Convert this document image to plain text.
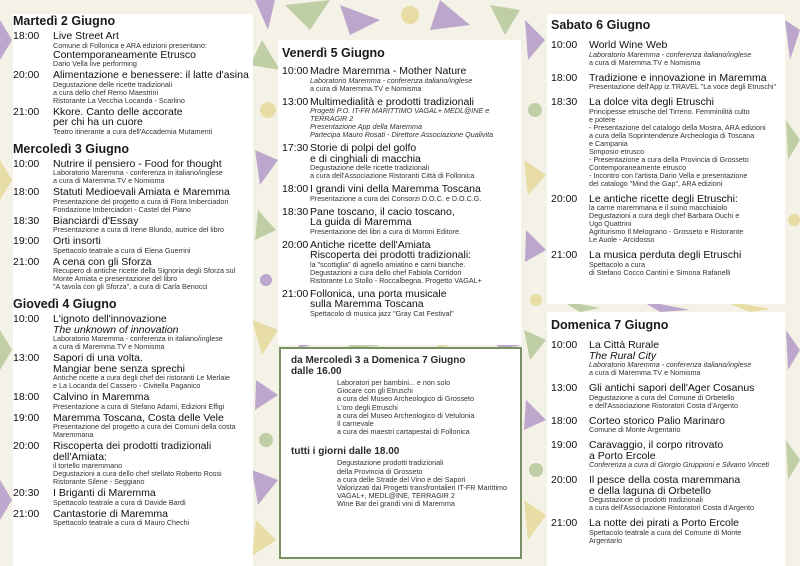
Martedì 2 Giugno
18:00	Live Street Art
Comune di Follonica e ARA edizioni presentano:
Contemporaneamente Etrusco
Dario Vella live performing
20:00	Alimentazione e benessere: il latte d'asina
Degustazione delle ricette tradizionali
a cura dello chef Remo Maestrini
Ristorante La Vecchia Locanda - Scarlino
21:00	Kkore. Canto delle accorate
per chi ha un cuore
Teatro itinerante a cura dell'Accademia Mutamenti
Mercoledì 3 Giugno
10:00	Nutrire il pensiero - Food for thought
Laboratorio Maremma - conferenza in italiano/inglese
a cura di Maremma.TV e Nomisma
18:00	Statuti Medioevali Amiata e Maremma
Presentazione del progetto a cura di Fiora Imberciadori
Fondazione Imberciadori - Castel del Piano
18:30	Bianciardi d'Essay
Presentazione a cura di Irene Blundo, autrice del libro
19:00	Orti insorti
Spettacolo teatrale a cura di Elena Guerrini
21:00	A cena con gli Sforza
Recupero di antiche ricette della Signoria degli Sforza sul
Monte Amiata e presentazione del libro
"A tavola con gli Sforza", a cura di Carla Benocci
Giovedì 4 Giugno
10:00	L'ignoto dell'innovazione
The unknown of innovation
Laboratorio Maremma - conferenza in italiano/inglese
a cura di Maremma.TV e Nomisma
13:00	Sapori di una volta.
Mangiar bene senza sprechi
Antiche ricette a cura degli chef dei ristoranti Le Merlaie
e La Locanda del Cassero - Civitella Paganico
18:00	Calvino in Maremma
Presentazione a cura di Stefano Adami, Edizioni Effigi
19:00	Maremma Toscana, Costa delle Vele
Presentazione del progetto a cura dei Comuni della costa
Maremmana
20:00	Riscoperta dei prodotti tradizionali
dell'Amiata:
il tortello maremmano
Degustazioni a cura dello chef stellato Roberto Rossi
Ristorante Silene - Seggiano
20:30	I Briganti di Maremma
Spettacolo teatrale a cura di Davide Bardi
21:00	Cantastorie di Maremma
Spettacolo teatrale a cura di Mauro Chechi
Venerdì 5 Giugno
10:00 Madre Maremma - Mother Nature
Laboratorio Maremma - conferenza italiano/inglese
a cura di Maremma.TV e Nomisma
13:00 Multimedialità e prodotti tradizionali
Progetti P.O. IT-FR MARITTIMO VAGAL+ MEDL@INE e
TERRAGIR 2
Presentazione App della Maremma
Partecipa Mauro Rosati - Direttore Associazione Qualivita
17:30 Storie di polpi del golfo
e di cinghiali di macchia
Degustazione delle ricette tradizionali
a cura dell'Associazione Ristoranti Città di Follonica
18:00 I grandi vini della Maremma Toscana
Presentazione a cura dei Consorzi D.O.C. e D.O.C.G.
18:30 Pane toscano, il cacio toscano,
La guida di Maremma
Presentazione dei libri a cura di Moroni Editore.
20:00 Antiche ricette dell'Amiata
Riscoperta dei prodotti tradizionali:
la "scottiglia" di agnello amiatino e carni bianche.
Degustazioni a cura dello chef Fabiola Corridori
Ristorante Lo Stollo - Roccalbegna. Progetto VAGAL+
21:00 Follonica, una porta musicale
sulla Maremma Toscana
Spettacolo di musica jazz "Gray Cat Festival"
da Mercoledì 3 a Domenica 7 Giugno
dalle 16.00
Laboratori per bambini... e non solo
Giocare con gli Etruschi
a cura del Museo Archeologico di Grosseto
L'oro degli Etruschi
a cura del Museo Archeologico di Vetulonia
Il carnevale
a cura dei maestri cartapestai di Follonica
tutti i giorni dalle 18.00
Degustazione prodotti tradizionali
della Provincia di Grosseto
a cura delle Strade del Vino e dei Sapori
Valorizzati dai Progetti transfrontalieri IT-FR Marittimo
VAGAL+, MEDL@INE, TERRAGIR 2
Wine Bar dei grandi vini di Maremma
Sabato 6 Giugno
10:00	World Wine Web
Laboratorio Maremma - conferenza italiano/inglese
a cura di Maremma.TV e Nomisma
18:00	Tradizione e innovazione in Maremma
Presentazione dell'App iz.TRAVEL "La voce degli Etruschi"
18:30	La dolce vita degli Etruschi
Principesse etrusche del Tirreno. Femminilità culto
e potere
- Presentazione del catalogo della Mostra, ARA edizioni
a cura della Soprintendenze Archeologia di Toscana
e Campania
Simposio etrusco
- Presentazione a cura della Provincia di Grosseto
Contemporaneamente etrusco
- Incontro con l'artista Dario Vella e presentazione
del catalogo "Mind the Gap", ARA edizioni
20:00	Le antiche ricette degli Etruschi:
la carne maremmana e il suino macchiaiolo
Degustazioni a cura degli chef Barbara Duchi e
Ugo Quattrini
Agriturismo Il Melograno - Grosseto e Ristorante
Le Auole - Arcidosso
21:00	La musica perduta degli Etruschi
Spettacolo a cura
di Stefano Cocco Cantini e Simona Rafanelli
Domenica 7 Giugno
10:00	La Città Rurale
The Rural City
Laboratorio Maremma - conferenza italiano/inglese
a cura di Maremma.TV e Nomisma
13:00	Gli antichi sapori dell'Ager Cosanus
Degustazione a cura del Comune di Orbetello
e dell'Associazione Ristoratori Costa d'Argento
18:00	Corteo storico Palio Marinaro
Comune di Monte Argentario
19:00	Caravaggio, il corpo ritrovato
a Porto Ercole
Conferenza a cura di Giorgio Gruppioni e Silvano Vinceti
20:00	Il pesce della costa maremmana
e della laguna di Orbetello
Degustazione di prodotti tradizionali
a cura dell'Associazione Ristoratori Costa d'Argento
21:00	La notte dei pirati a Porto Ercole
Spettacolo teatrale a cura del Comune di Monte
Argentario
